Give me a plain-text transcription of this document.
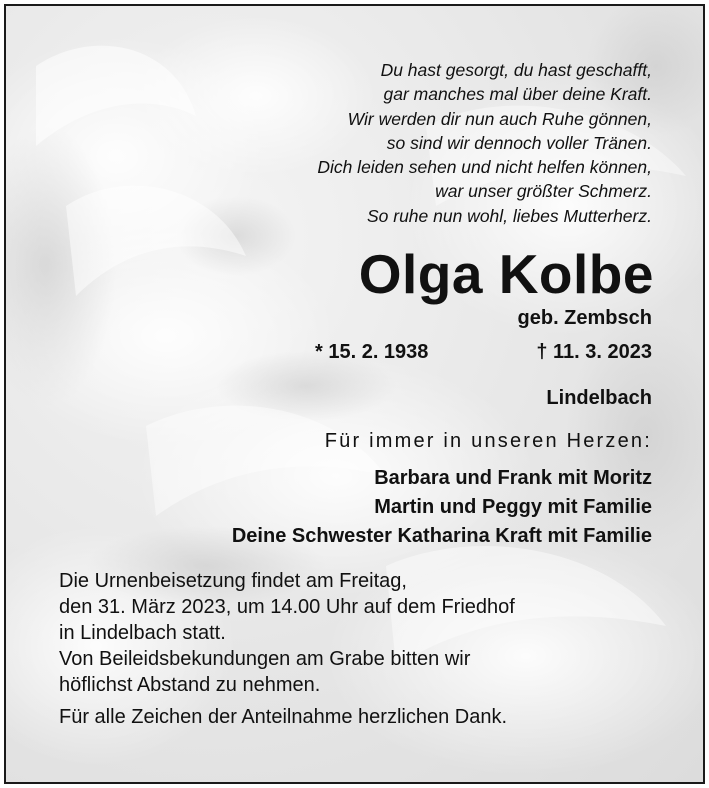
Du hast gesorgt, du hast geschafft,
gar manches mal über deine Kraft.
Wir werden dir nun auch Ruhe gönnen,
so sind wir dennoch voller Tränen.
Dich leiden sehen und nicht helfen können,
war unser größter Schmerz.
So ruhe nun wohl, liebes Mutterherz.
Olga Kolbe
geb. Zembsch
* 15. 2. 1938	† 11. 3. 2023
Lindelbach
Für immer in unseren Herzen:
Barbara und Frank mit Moritz
Martin und Peggy mit Familie
Deine Schwester Katharina Kraft mit Familie
Die Urnenbeisetzung findet am Freitag,
den 31. März 2023, um 14.00 Uhr auf dem Friedhof
in Lindelbach statt.
Von Beileidsbekundungen am Grabe bitten wir
höflichst Abstand zu nehmen.
Für alle Zeichen der Anteilnahme herzlichen Dank.
